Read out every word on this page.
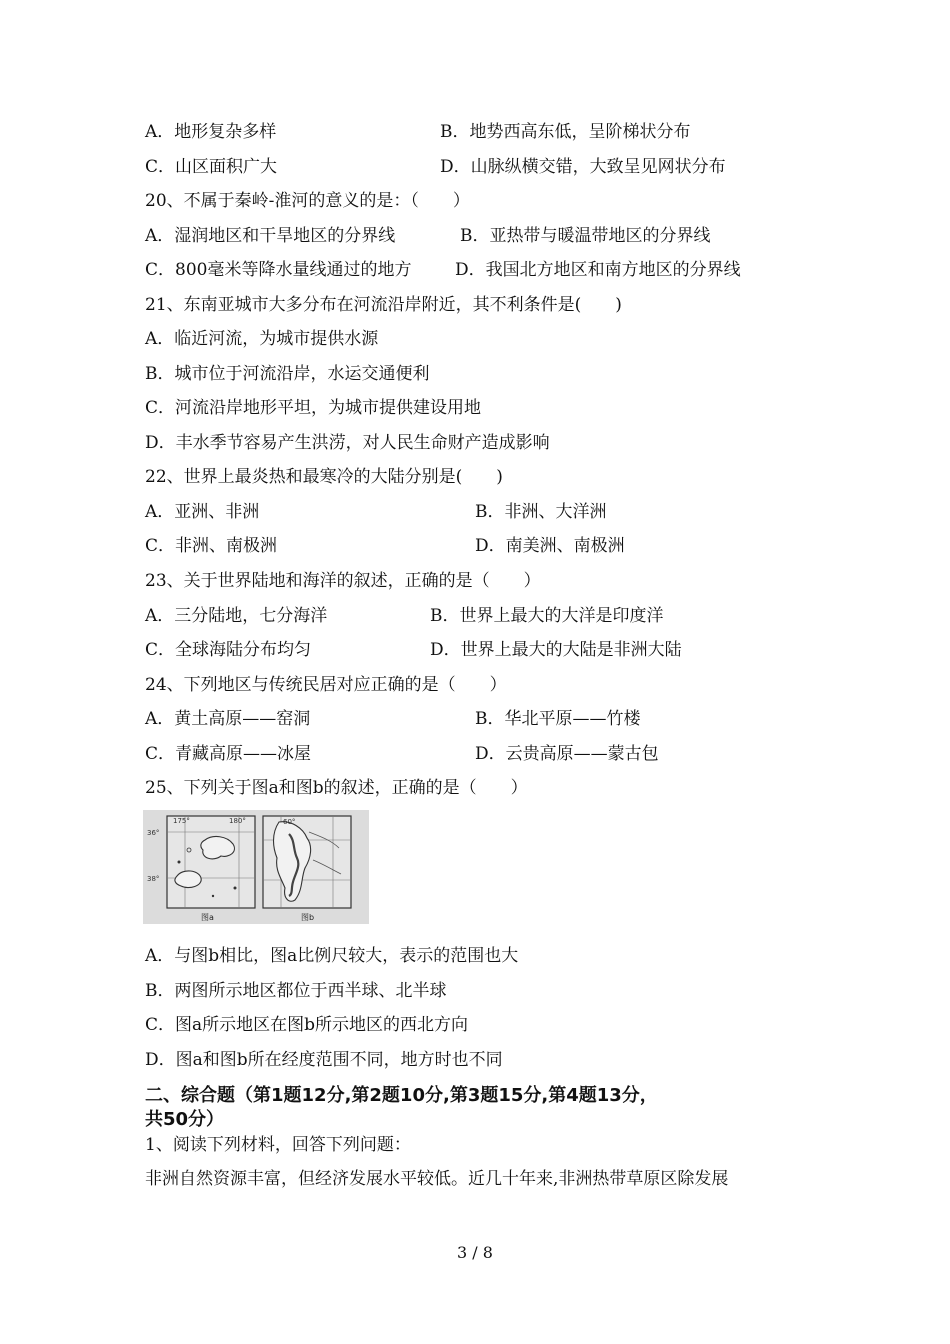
A．地形复杂多样	B．地势西高东低，呈阶梯状分布
C．山区面积广大	D．山脉纵横交错，大致呈见网状分布
20、不属于秦岭-淮河的意义的是：（　　）
A．湿润地区和干旱地区的分界线	B．亚热带与暖温带地区的分界线
C．800毫米等降水量线通过的地方	D．我国北方地区和南方地区的分界线
21、东南亚城市大多分布在河流沿岸附近，其不利条件是(　　)
A．临近河流，为城市提供水源
B．城市位于河流沿岸，水运交通便利
C．河流沿岸地形平坦，为城市提供建设用地
D．丰水季节容易产生洪涝，对人民生命财产造成影响
22、世界上最炎热和最寒冷的大陆分别是(　　)
A．亚洲、非洲	B．非洲、大洋洲
C．非洲、南极洲	D．南美洲、南极洲
23、关于世界陆地和海洋的叙述，正确的是（　　）
A．三分陆地，七分海洋	B．世界上最大的大洋是印度洋
C．全球海陆分布均匀	D．世界上最大的大陆是非洲大陆
24、下列地区与传统民居对应正确的是（　　）
A．黄土高原——窑洞	B．华北平原——竹楼
C．青藏高原——冰屋	D．云贵高原——蒙古包
25、下列关于图a和图b的叙述，正确的是（　　）
175°	180°
36°
38°
图a
60°
图b
A．与图b相比，图a比例尺较大，表示的范围也大
B．两图所示地区都位于西半球、北半球
C．图a所示地区在图b所示地区的西北方向
D．图a和图b所在经度范围不同，地方时也不同
二、综合题（第1题12分,第2题10分,第3题15分,第4题13分，
共50分）
1、阅读下列材料，回答下列问题：
非洲自然资源丰富，但经济发展水平较低。近几十年来,非洲热带草原区除发展
3 / 8
